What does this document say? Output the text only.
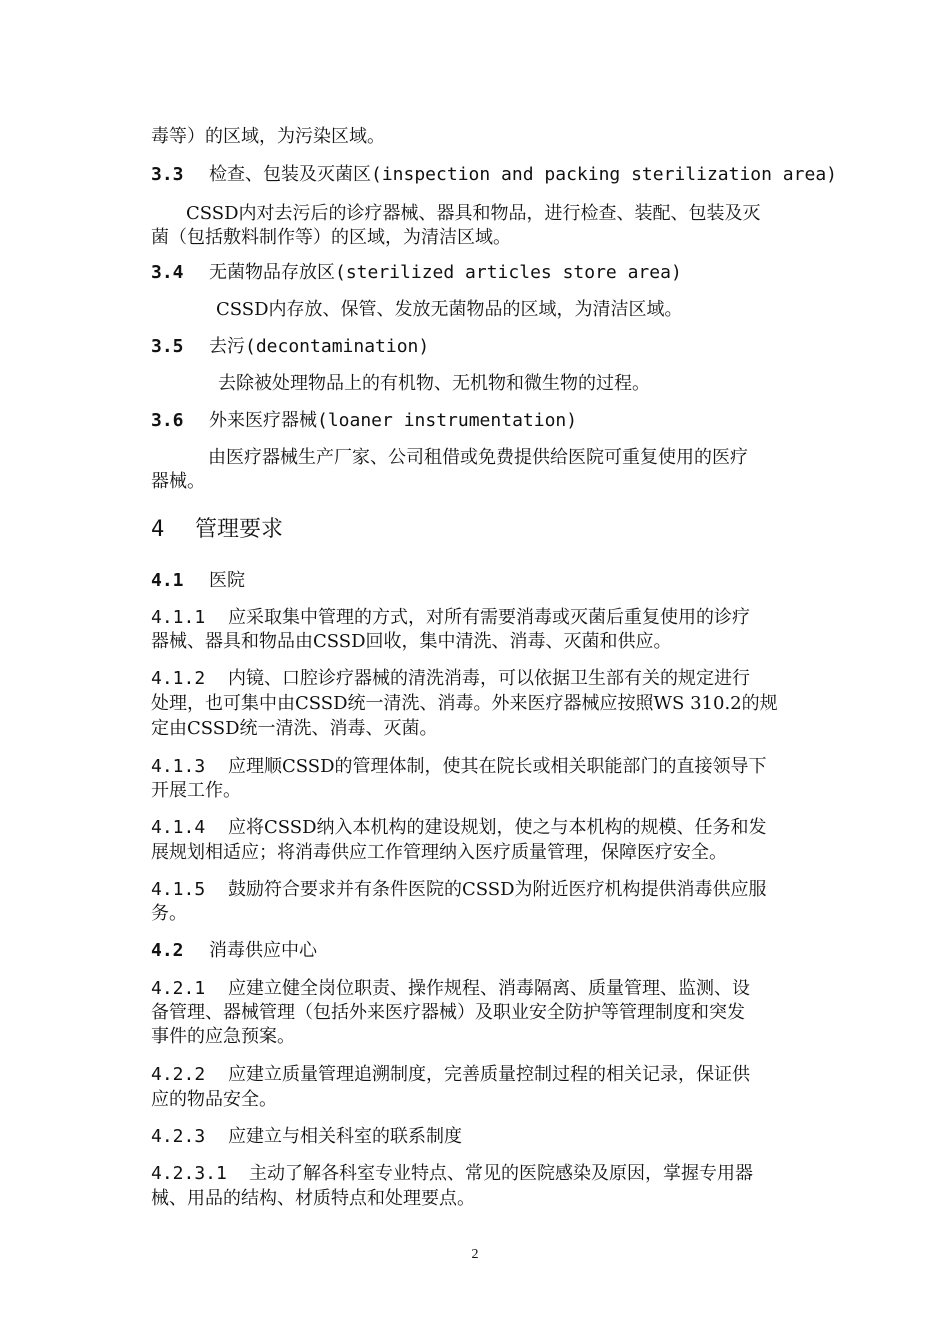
毒等）的区域，为污染区域。
3.3 检查、包装及灭菌区(inspection and packing sterilization area)
CSSD内对去污后的诊疗器械、器具和物品，进行检查、装配、包装及灭
菌（包括敷料制作等）的区域，为清洁区域。
3.4 无菌物品存放区(sterilized articles store area)
CSSD内存放、保管、发放无菌物品的区域，为清洁区域。
3.5 去污(decontamination)
去除被处理物品上的有机物、无机物和微生物的过程。
3.6 外来医疗器械(loaner instrumentation)
由医疗器械生产厂家、公司租借或免费提供给医院可重复使用的医疗
器械。
4 管理要求
4.1 医院
4.1.1 应采取集中管理的方式，对所有需要消毒或灭菌后重复使用的诊疗
器械、器具和物品由CSSD回收，集中清洗、消毒、灭菌和供应。
4.1.2 内镜、口腔诊疗器械的清洗消毒，可以依据卫生部有关的规定进行
处理，也可集中由CSSD统一清洗、消毒。外来医疗器械应按照WS 310.2的规
定由CSSD统一清洗、消毒、灭菌。
4.1.3 应理顺CSSD的管理体制，使其在院长或相关职能部门的直接领导下
开展工作。
4.1.4 应将CSSD纳入本机构的建设规划，使之与本机构的规模、任务和发
展规划相适应；将消毒供应工作管理纳入医疗质量管理，保障医疗安全。
4.1.5 鼓励符合要求并有条件医院的CSSD为附近医疗机构提供消毒供应服
务。
4.2 消毒供应中心
4.2.1 应建立健全岗位职责、操作规程、消毒隔离、质量管理、监测、设
备管理、器械管理（包括外来医疗器械）及职业安全防护等管理制度和突发
事件的应急预案。
4.2.2 应建立质量管理追溯制度，完善质量控制过程的相关记录，保证供
应的物品安全。
4.2.3 应建立与相关科室的联系制度
4.2.3.1 主动了解各科室专业特点、常见的医院感染及原因，掌握专用器
械、用品的结构、材质特点和处理要点。
2
